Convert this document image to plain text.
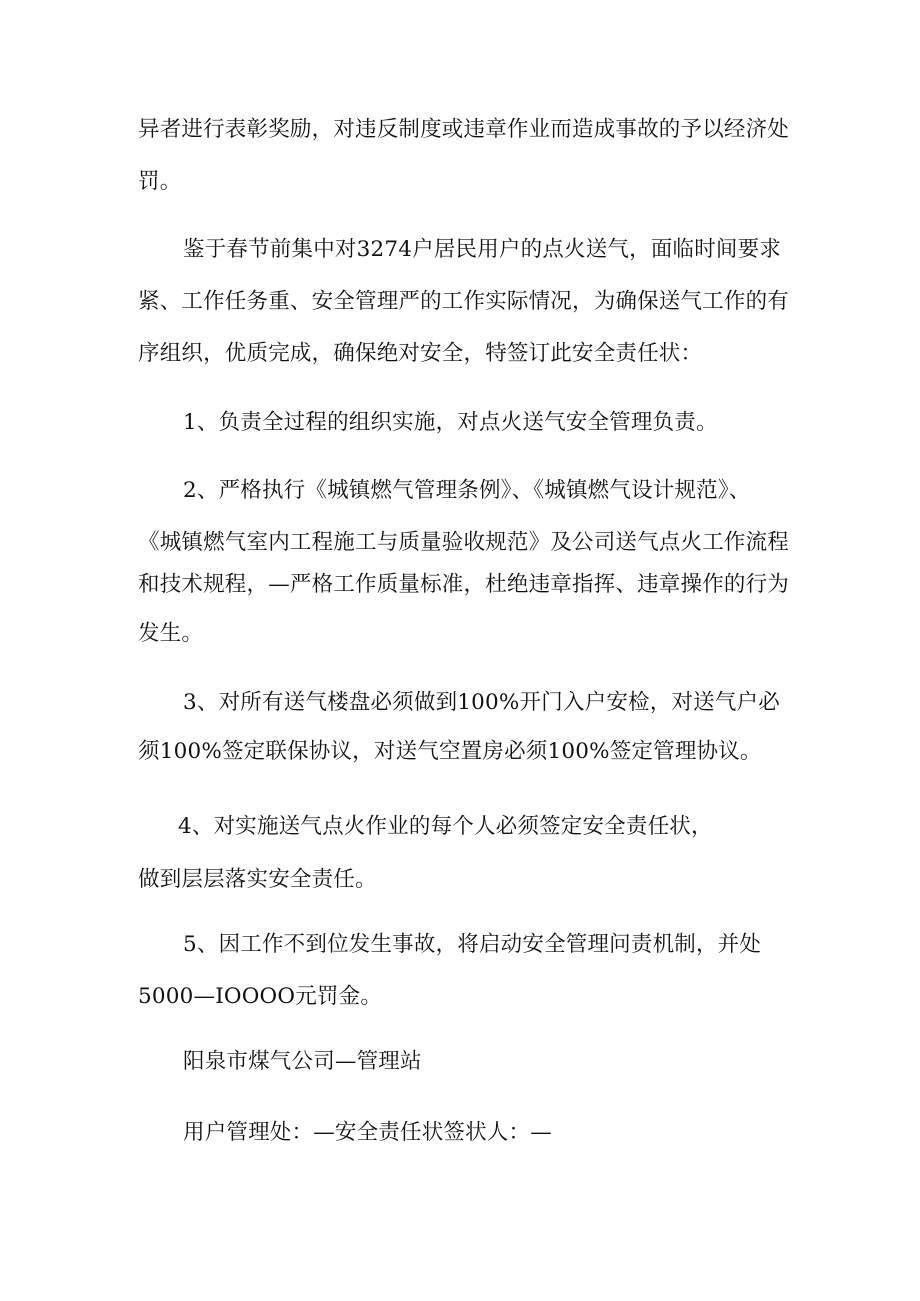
异者进行表彰奖励，对违反制度或违章作业而造成事故的予以经济处
罚。
鉴于春节前集中对3274户居民用户的点火送气，面临时间要求
紧、工作任务重、安全管理严的工作实际情况，为确保送气工作的有
序组织，优质完成，确保绝对安全，特签订此安全责任状：
1、负责全过程的组织实施，对点火送气安全管理负责。
2、严格执行《城镇燃气管理条例》、《城镇燃气设计规范》、
《城镇燃气室内工程施工与质量验收规范》及公司送气点火工作流程
和技术规程，—严格工作质量标准，杜绝违章指挥、违章操作的行为
发生。
3、对所有送气楼盘必须做到100%开门入户安检，对送气户必
须100%签定联保协议，对送气空置房必须100%签定管理协议。
4、对实施送气点火作业的每个人必须签定安全责任状，
做到层层落实安全责任。
5、因工作不到位发生事故，将启动安全管理问责机制，并处
5000—IOOOO元罚金。
阳泉市煤气公司—管理站
用户管理处：—安全责任状签状人：—
